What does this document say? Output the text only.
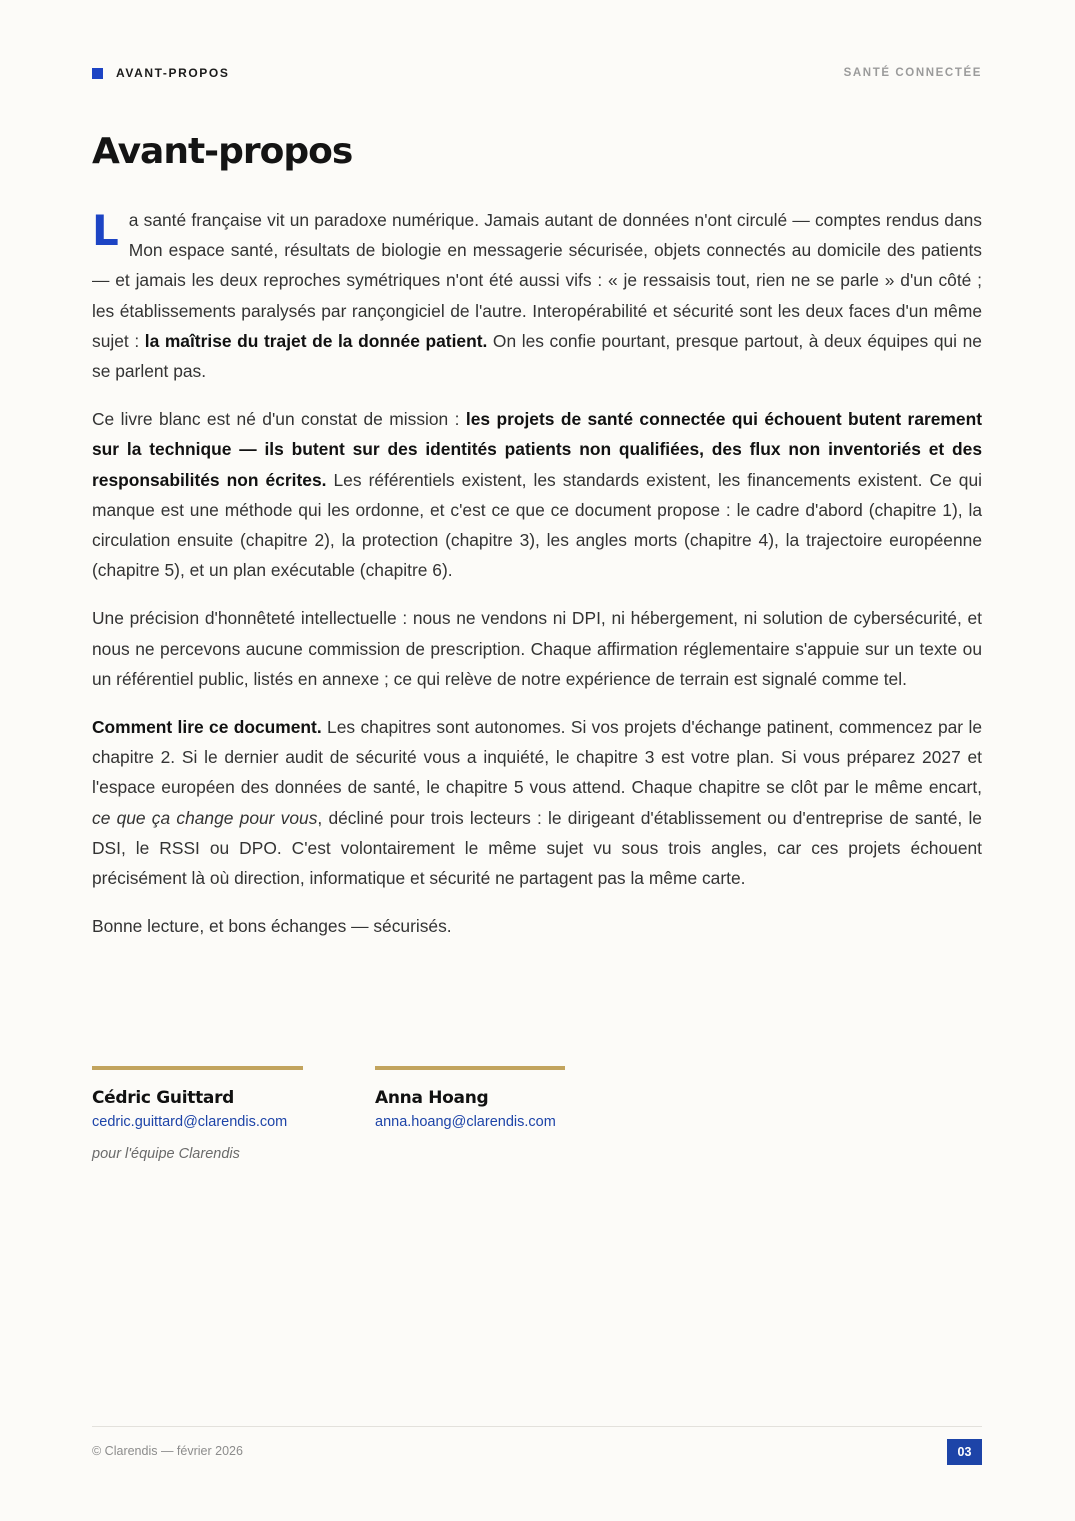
AVANT-PROPOS	SANTÉ CONNECTÉE
Avant-propos

La santé française vit un paradoxe numérique. Jamais autant de données n'ont circulé — comptes rendus dans Mon espace santé, résultats de biologie en messagerie sécurisée, objets connectés au domicile des patients — et jamais les deux reproches symétriques n'ont été aussi vifs : « je ressaisis tout, rien ne se parle » d'un côté ; les établissements paralysés par rançongiciel de l'autre. Interopérabilité et sécurité sont les deux faces d'un même sujet : la maîtrise du trajet de la donnée patient. On les confie pourtant, presque partout, à deux équipes qui ne se parlent pas.

Ce livre blanc est né d'un constat de mission : les projets de santé connectée qui échouent butent rarement sur la technique — ils butent sur des identités patients non qualifiées, des flux non inventoriés et des responsabilités non écrites. Les référentiels existent, les standards existent, les financements existent. Ce qui manque est une méthode qui les ordonne, et c'est ce que ce document propose : le cadre d'abord (chapitre 1), la circulation ensuite (chapitre 2), la protection (chapitre 3), les angles morts (chapitre 4), la trajectoire européenne (chapitre 5), et un plan exécutable (chapitre 6).

Une précision d'honnêteté intellectuelle : nous ne vendons ni DPI, ni hébergement, ni solution de cybersécurité, et nous ne percevons aucune commission de prescription. Chaque affirmation réglementaire s'appuie sur un texte ou un référentiel public, listés en annexe ; ce qui relève de notre expérience de terrain est signalé comme tel.

Comment lire ce document. Les chapitres sont autonomes. Si vos projets d'échange patinent, commencez par le chapitre 2. Si le dernier audit de sécurité vous a inquiété, le chapitre 3 est votre plan. Si vous préparez 2027 et l'espace européen des données de santé, le chapitre 5 vous attend. Chaque chapitre se clôt par le même encart, ce que ça change pour vous, décliné pour trois lecteurs : le dirigeant d'établissement ou d'entreprise de santé, le DSI, le RSSI ou DPO. C'est volontairement le même sujet vu sous trois angles, car ces projets échouent précisément là où direction, informatique et sécurité ne partagent pas la même carte.

Bonne lecture, et bons échanges — sécurisés.

Cédric Guittard
cedric.guittard@clarendis.com
pour l'équipe Clarendis
Anna Hoang
anna.hoang@clarendis.com
© Clarendis — février 2026	03
